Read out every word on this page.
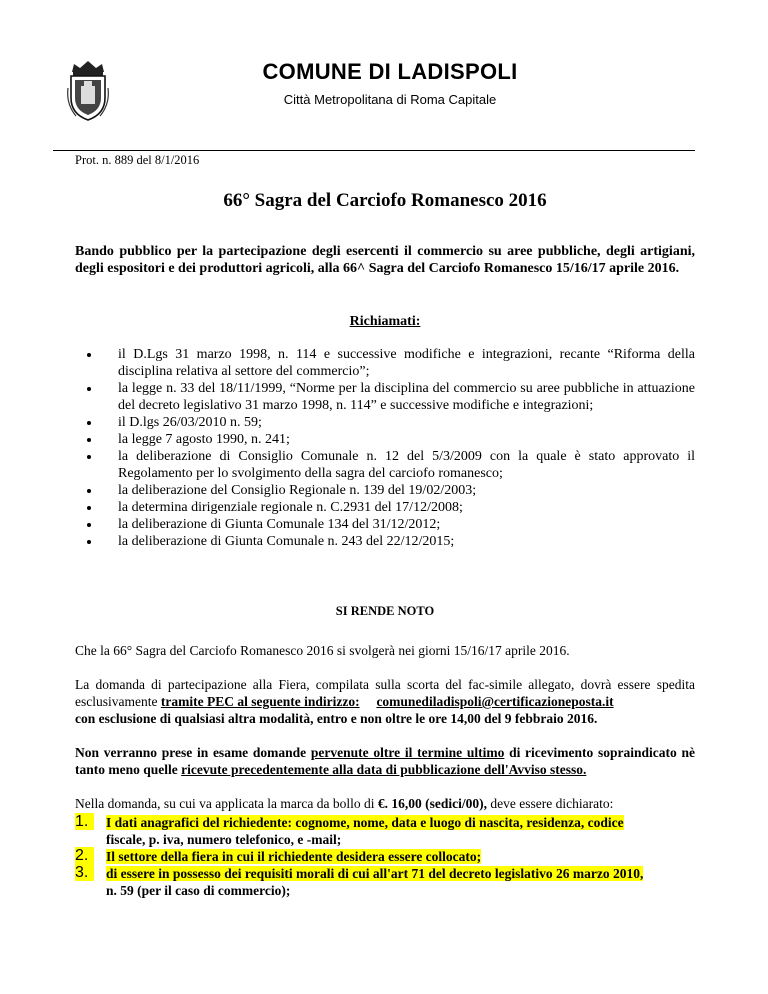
COMUNE DI LADISPOLI
Città Metropolitana di Roma Capitale
Prot. n. 889 del 8/1/2016
66° Sagra del Carciofo Romanesco 2016
Bando pubblico per la partecipazione degli esercenti il commercio su aree pubbliche, degli artigiani, degli espositori e dei produttori agricoli, alla 66^ Sagra del Carciofo Romanesco 15/16/17 aprile 2016.
Richiamati:
il D.Lgs 31 marzo 1998, n. 114 e successive modifiche e integrazioni, recante “Riforma della disciplina relativa al settore del commercio”;
la legge n. 33 del 18/11/1999, “Norme per la disciplina del commercio su aree pubbliche in attuazione del decreto legislativo 31 marzo 1998, n. 114” e successive modifiche e integrazioni;
il D.lgs 26/03/2010 n. 59;
la legge 7 agosto 1990, n. 241;
la deliberazione di Consiglio Comunale n. 12 del 5/3/2009 con la quale è stato approvato il Regolamento per lo svolgimento della sagra del carciofo romanesco;
la deliberazione del Consiglio Regionale n. 139 del 19/02/2003;
la determina dirigenziale regionale n. C.2931 del 17/12/2008;
la deliberazione di Giunta Comunale 134 del 31/12/2012;
la deliberazione di Giunta Comunale n. 243 del 22/12/2015;
SI RENDE NOTO
Che la 66° Sagra del Carciofo Romanesco 2016 si svolgerà nei giorni 15/16/17 aprile 2016.
La domanda di partecipazione alla Fiera, compilata sulla scorta del fac-simile allegato, dovrà essere spedita esclusivamente tramite PEC al seguente indirizzo: comunediladispoli@certificazioneposta.it
con esclusione di qualsiasi altra modalità, entro e non oltre le ore 14,00 del 9 febbraio 2016.
Non verranno prese in esame domande pervenute oltre il termine ultimo di ricevimento sopraindicato nè tanto meno quelle ricevute precedentemente alla data di pubblicazione dell'Avviso stesso.
Nella domanda, su cui va applicata la marca da bollo di €. 16,00 (sedici/00), deve essere dichiarato:
1.	I dati anagrafici del richiedente: cognome, nome, data e luogo di nascita, residenza, codice
fiscale, p. iva, numero telefonico, e -mail;
2.	Il settore della fiera in cui il richiedente desidera essere collocato;
3.	di essere in possesso dei requisiti morali di cui all'art 71 del decreto legislativo 26 marzo 2010,
n. 59 (per il caso di commercio);
